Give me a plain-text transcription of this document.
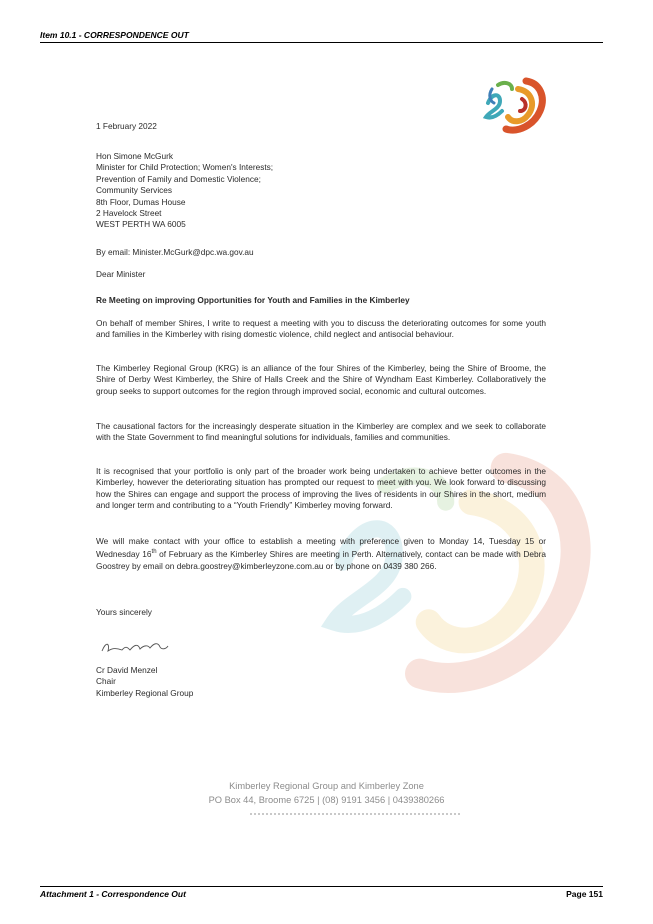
Item 10.1 - CORRESPONDENCE OUT
1 February 2022
Hon Simone McGurk
Minister for Child Protection; Women's Interests;
Prevention of Family and Domestic Violence;
Community Services
8th Floor, Dumas House
2 Havelock Street
WEST PERTH WA 6005
By email: Minister.McGurk@dpc.wa.gov.au
Dear Minister
Re Meeting on improving Opportunities for Youth and Families in the Kimberley
On behalf of member Shires, I write to request a meeting with you to discuss the deteriorating outcomes for some youth and families in the Kimberley with rising domestic violence, child neglect and antisocial behaviour.
The Kimberley Regional Group (KRG) is an alliance of the four Shires of the Kimberley, being the Shire of Broome, the Shire of Derby West Kimberley, the Shire of Halls Creek and the Shire of Wyndham East Kimberley. Collaboratively the group seeks to support outcomes for the region through improved social, economic and cultural outcomes.
The causational factors for the increasingly desperate situation in the Kimberley are complex and we seek to collaborate with the State Government to find meaningful solutions for individuals, families and communities.
It is recognised that your portfolio is only part of the broader work being undertaken to achieve better outcomes in the Kimberley, however the deteriorating situation has prompted our request to meet with you. We look forward to discussing how the Shires can engage and support the process of improving the lives of residents in our Shires in the short, medium and longer term and contributing to a “Youth Friendly” Kimberley moving forward.
We will make contact with your office to establish a meeting with preference given to Monday 14, Tuesday 15 or Wednesday 16th of February as the Kimberley Shires are meeting in Perth. Alternatively, contact can be made with Debra Goostrey by email on debra.goostrey@kimberleyzone.com.au or by phone on 0439 380 266.
Yours sincerely
Cr David Menzel
Chair
Kimberley Regional Group
Kimberley Regional Group and Kimberley Zone
PO Box 44, Broome 6725 | (08) 9191 3456 | 0439380266
Attachment 1 - Correspondence Out	Page 151
